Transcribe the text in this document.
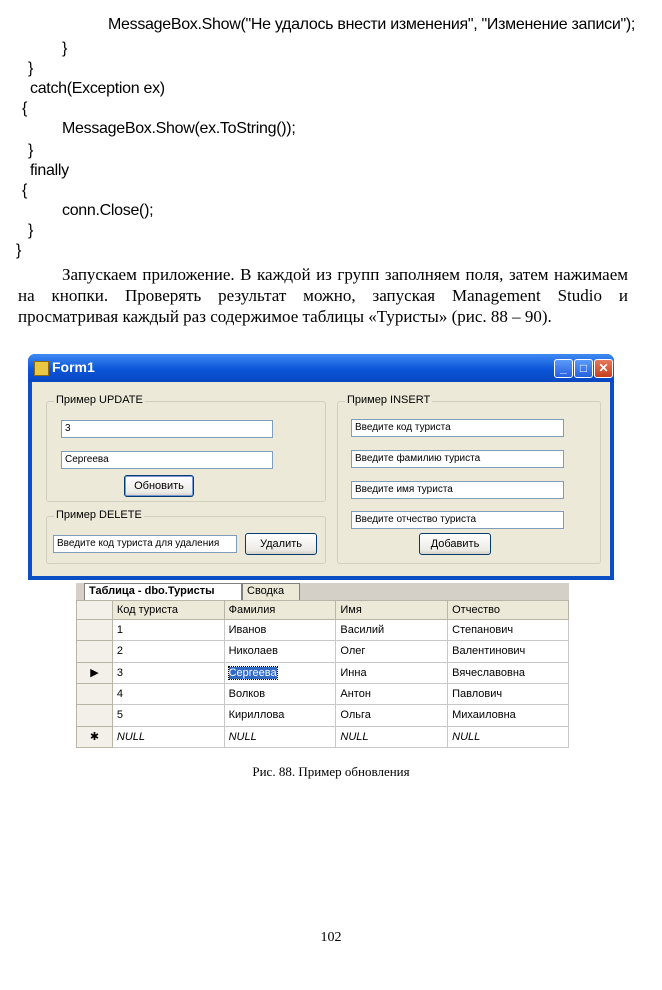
MessageBox.Show("Не удалось внести изменения", "Изменение записи");
}
}
catch(Exception ex)
{
MessageBox.Show(ex.ToString());
}
finally
{
conn.Close();
}
}
Запускаем приложение. В каждой из групп заполняем поля, затем нажимаем на кнопки. Проверять результат можно, запуская Management Studio и просматривая каждый раз содержимое таблицы «Туристы» (рис. 88 – 90).
Form1	_	□ ✕
Пример UPDATE
3
Сергеева
Обновить
Пример DELETE
Введите код туриста для удаления	Удалить
Пример INSERT
Введите код туриста
Введите фамилию туриста
Введите имя туриста
Введите отчество туриста
Добавить
Таблица - dbo.Туристы	Сводка
	Код туриста	Фамилия	Имя	Отчество
	1	Иванов	Василий	Степанович
	2	Николаев	Олег	Валентинович
▶	3	Сергеева	Инна	Вячеславовна
	4	Волков	Антон	Павлович
	5	Кириллова	Ольга	Михаиловна
✱	NULL	NULL	NULL	NULL
Рис. 88. Пример обновления
102
